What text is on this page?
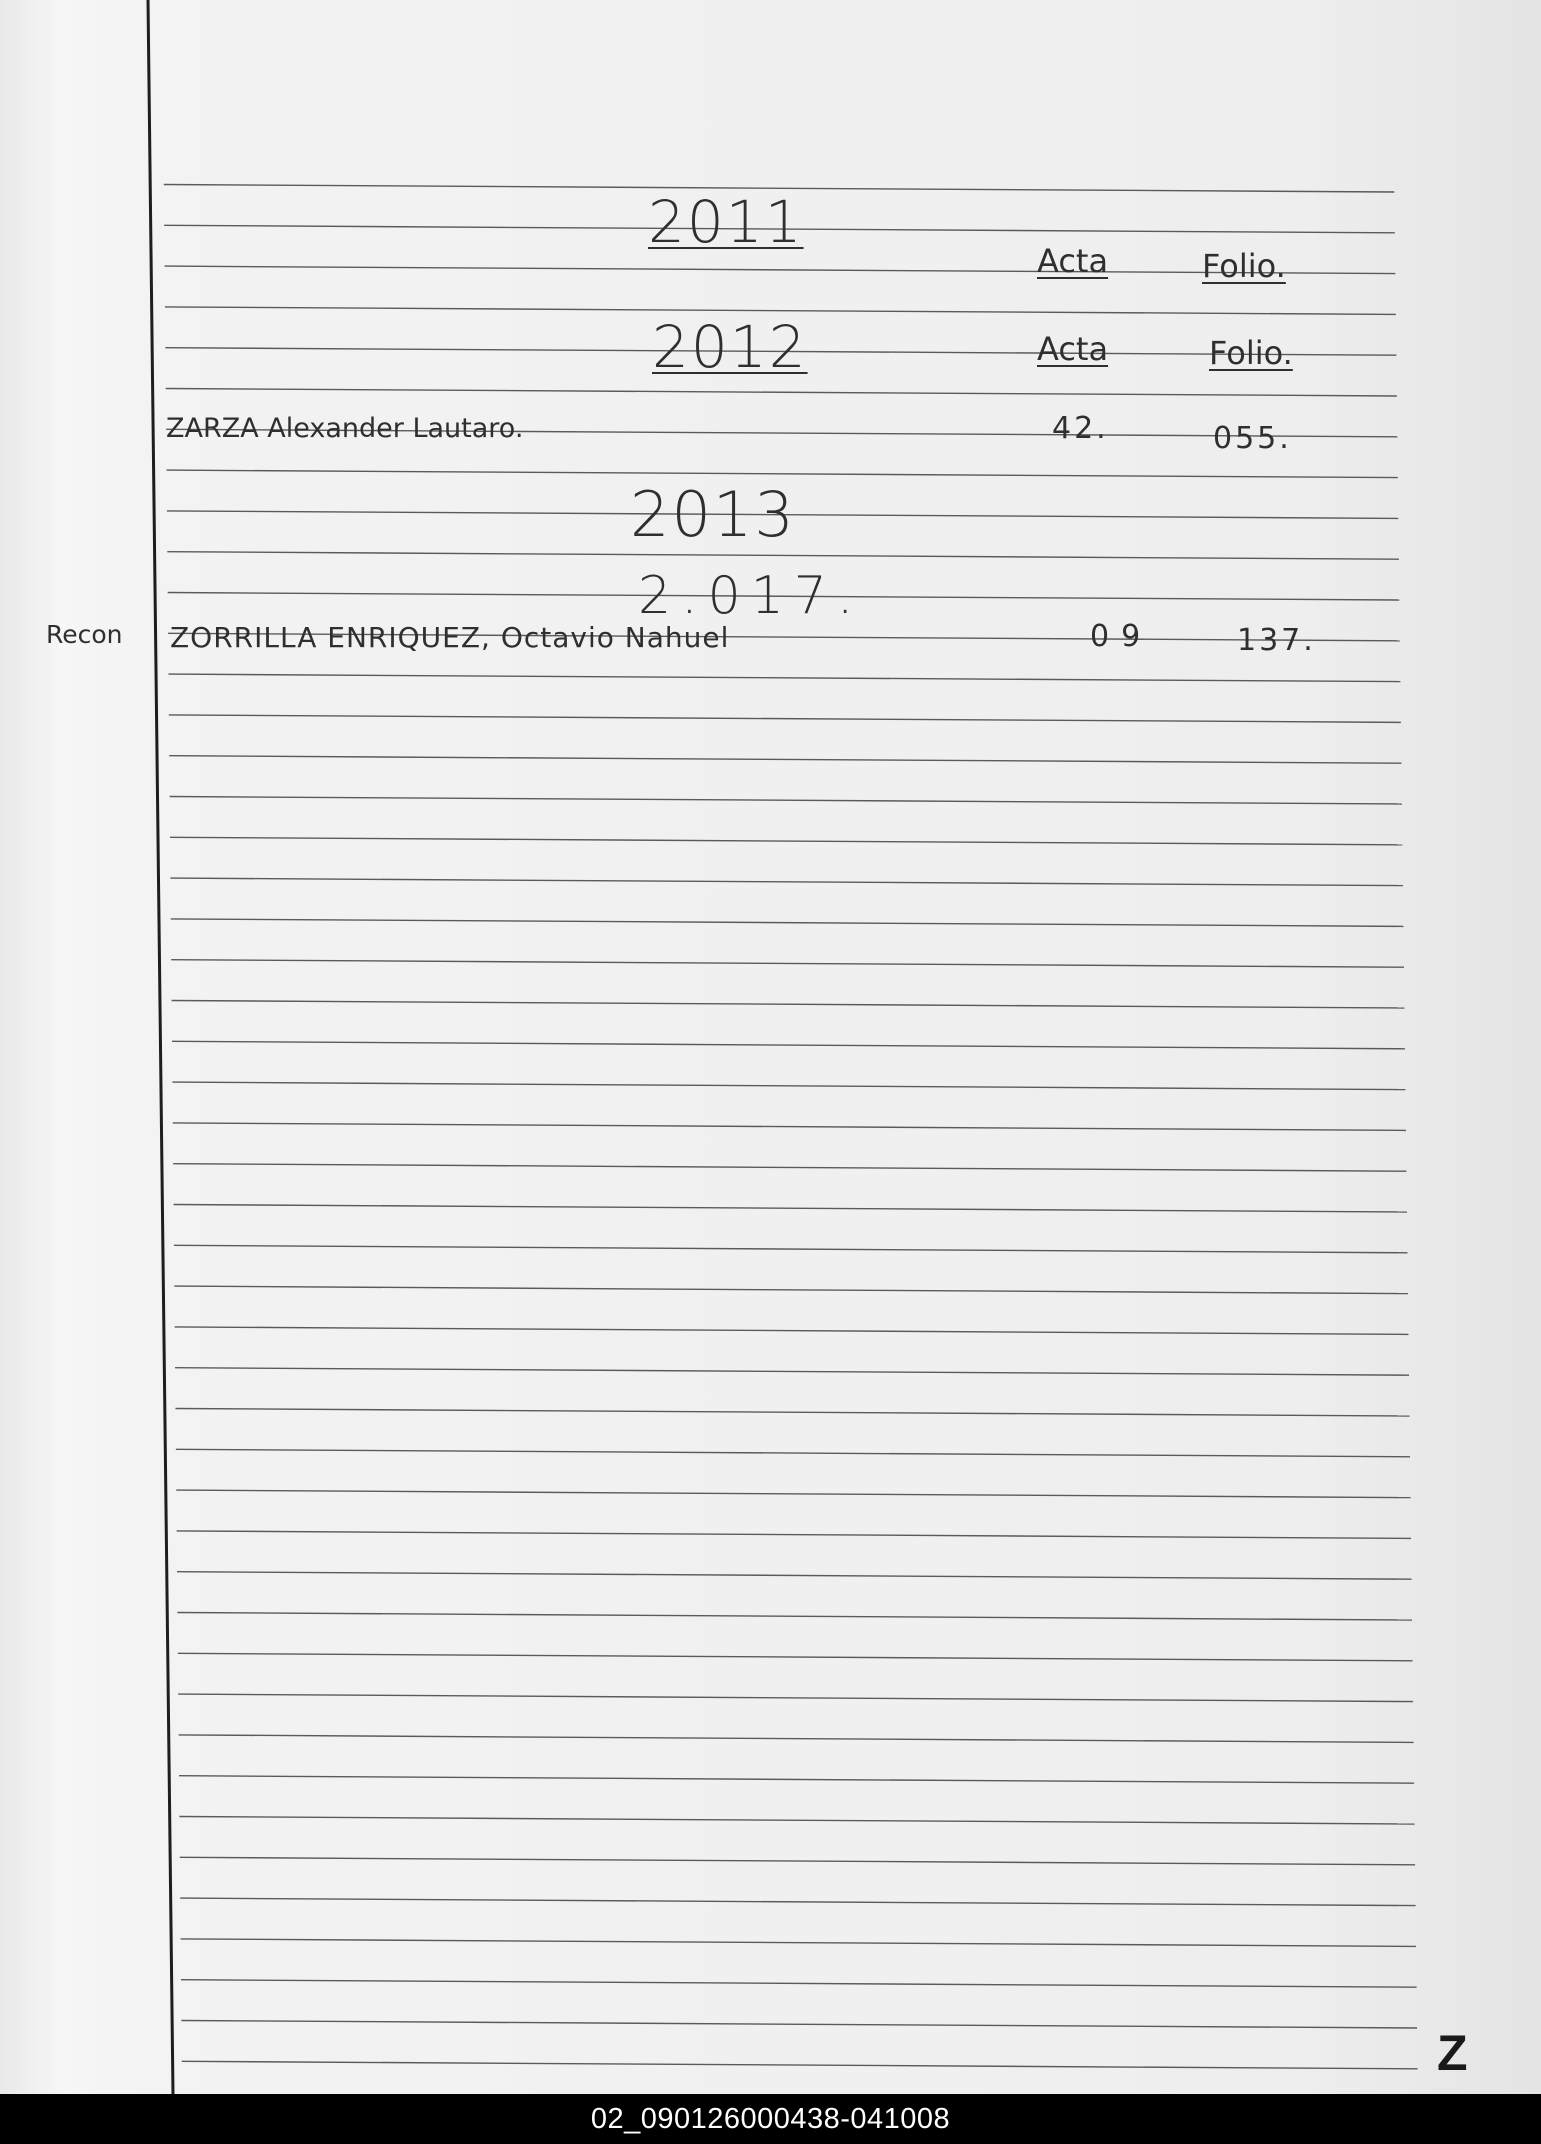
2011
Acta	Folio.
2012	Acta	Folio.
ZARZA Alexander Lautaro.	42.	055.
2013
2.017.
Recon ZORRILLA ENRIQUEZ, Octavio Nahuel	09	137.
Z
02_090126000438-041008
